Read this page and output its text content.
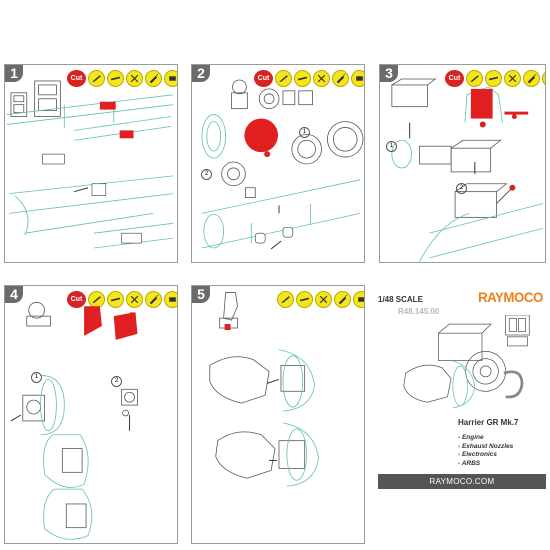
1	Cut	2	Cut
1
2
3	Cut
1
2
4	Cut
1
2
5	1/48 SCALE
R48.145.00
RAYMOCO
Harrier GR Mk.7
- Engine
- Exhaust Nozzles
- Electronics
- ARBS
RAYMOCO.COM
